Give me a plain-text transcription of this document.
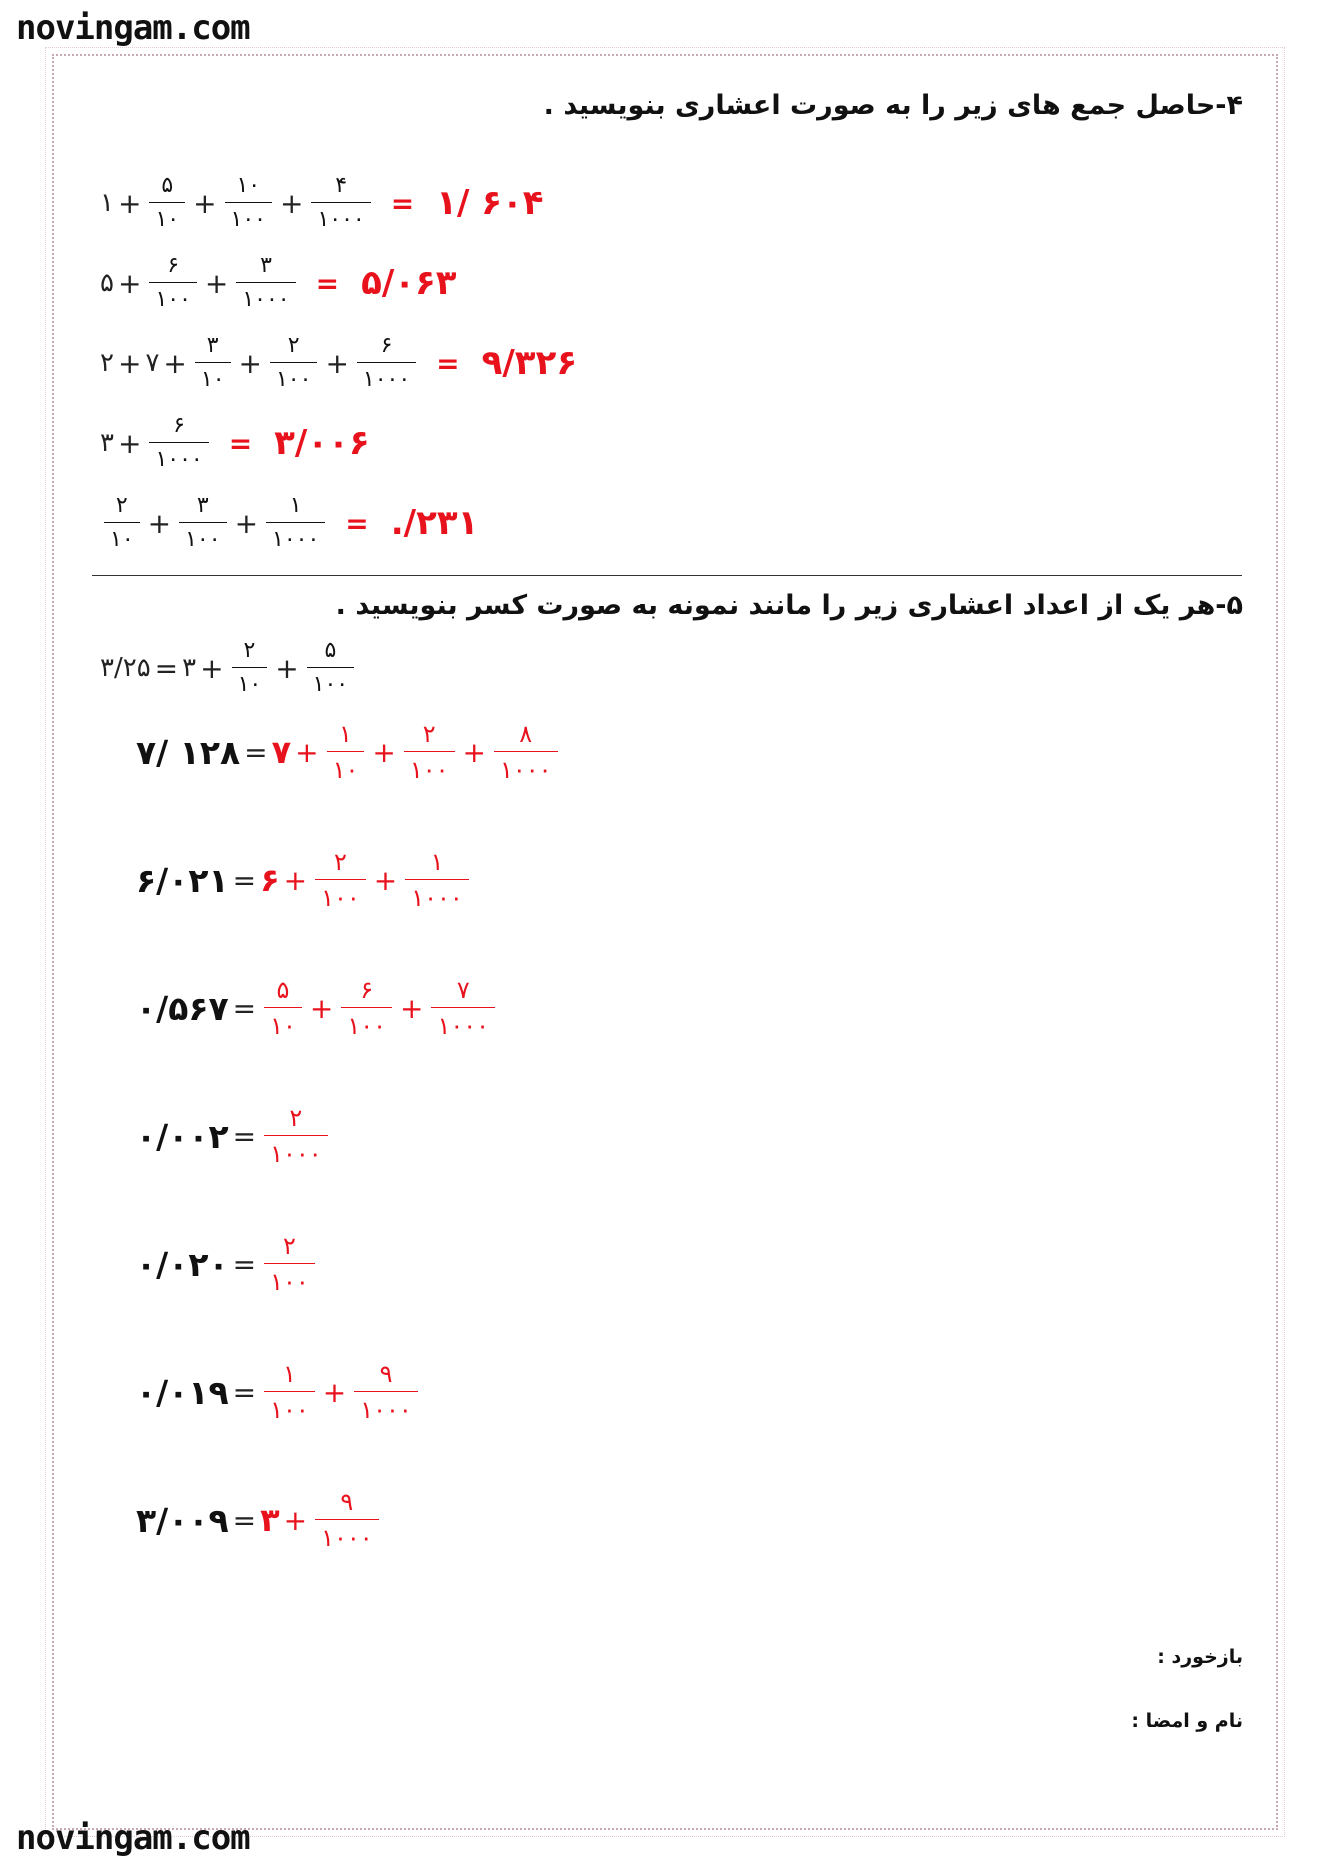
novingam.com
۴-حاصل جمع های زیر را به صورت اعشاری بنویسید .
۱ + $\frac{۵}{۱۰} + \frac{۱۰}{۱۰۰} + \frac{۴}{۱۰۰۰}$ = ۱/ ۶۰۴
۵ + $\frac{۶}{۱۰۰} + \frac{۳}{۱۰۰۰}$ = ۵/۰۶۳
۲ + ۷ + $\frac{۳}{۱۰} + \frac{۲}{۱۰۰} + \frac{۶}{۱۰۰۰}$ = ۹/۳۲۶
۳ + $\frac{۶}{۱۰۰۰}$ = ۳/۰۰۶
$\frac{۲}{۱۰} + \frac{۳}{۱۰۰} + \frac{۱}{۱۰۰۰}$ = ./۲۳۱
۵-هر یک از اعداد اعشاری زیر را مانند نمونه به صورت کسر بنویسید .
۳/۲۵ = ۳ + $\frac{۲}{۱۰} + \frac{۵}{۱۰۰}$
۷/ ۱۲۸ = ۷ + $\frac{۱}{۱۰} + \frac{۲}{۱۰۰} + \frac{۸}{۱۰۰۰}$
۶/۰۲۱ = ۶ + $\frac{۲}{۱۰۰} + \frac{۱}{۱۰۰۰}$
۰/۵۶۷ = $\frac{۵}{۱۰} + \frac{۶}{۱۰۰} + \frac{۷}{۱۰۰۰}$
۰/۰۰۲ = $\frac{۲}{۱۰۰۰}$
۰/۰۲۰ = $\frac{۲}{۱۰۰}$
۰/۰۱۹ = $\frac{۱}{۱۰۰} + \frac{۹}{۱۰۰۰}$
۳/۰۰۹ = ۳ + $\frac{۹}{۱۰۰۰}$
بازخورد :
نام و امضا :
novingam.com
